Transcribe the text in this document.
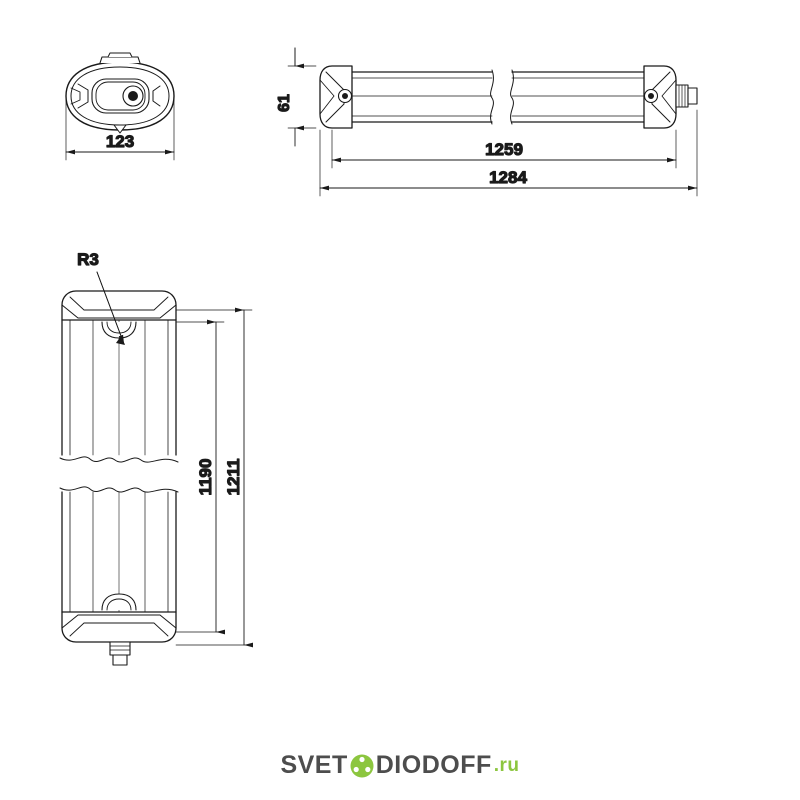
123
61
1259
1284
1190 1211
R3
SVET DIODOFF .ru
